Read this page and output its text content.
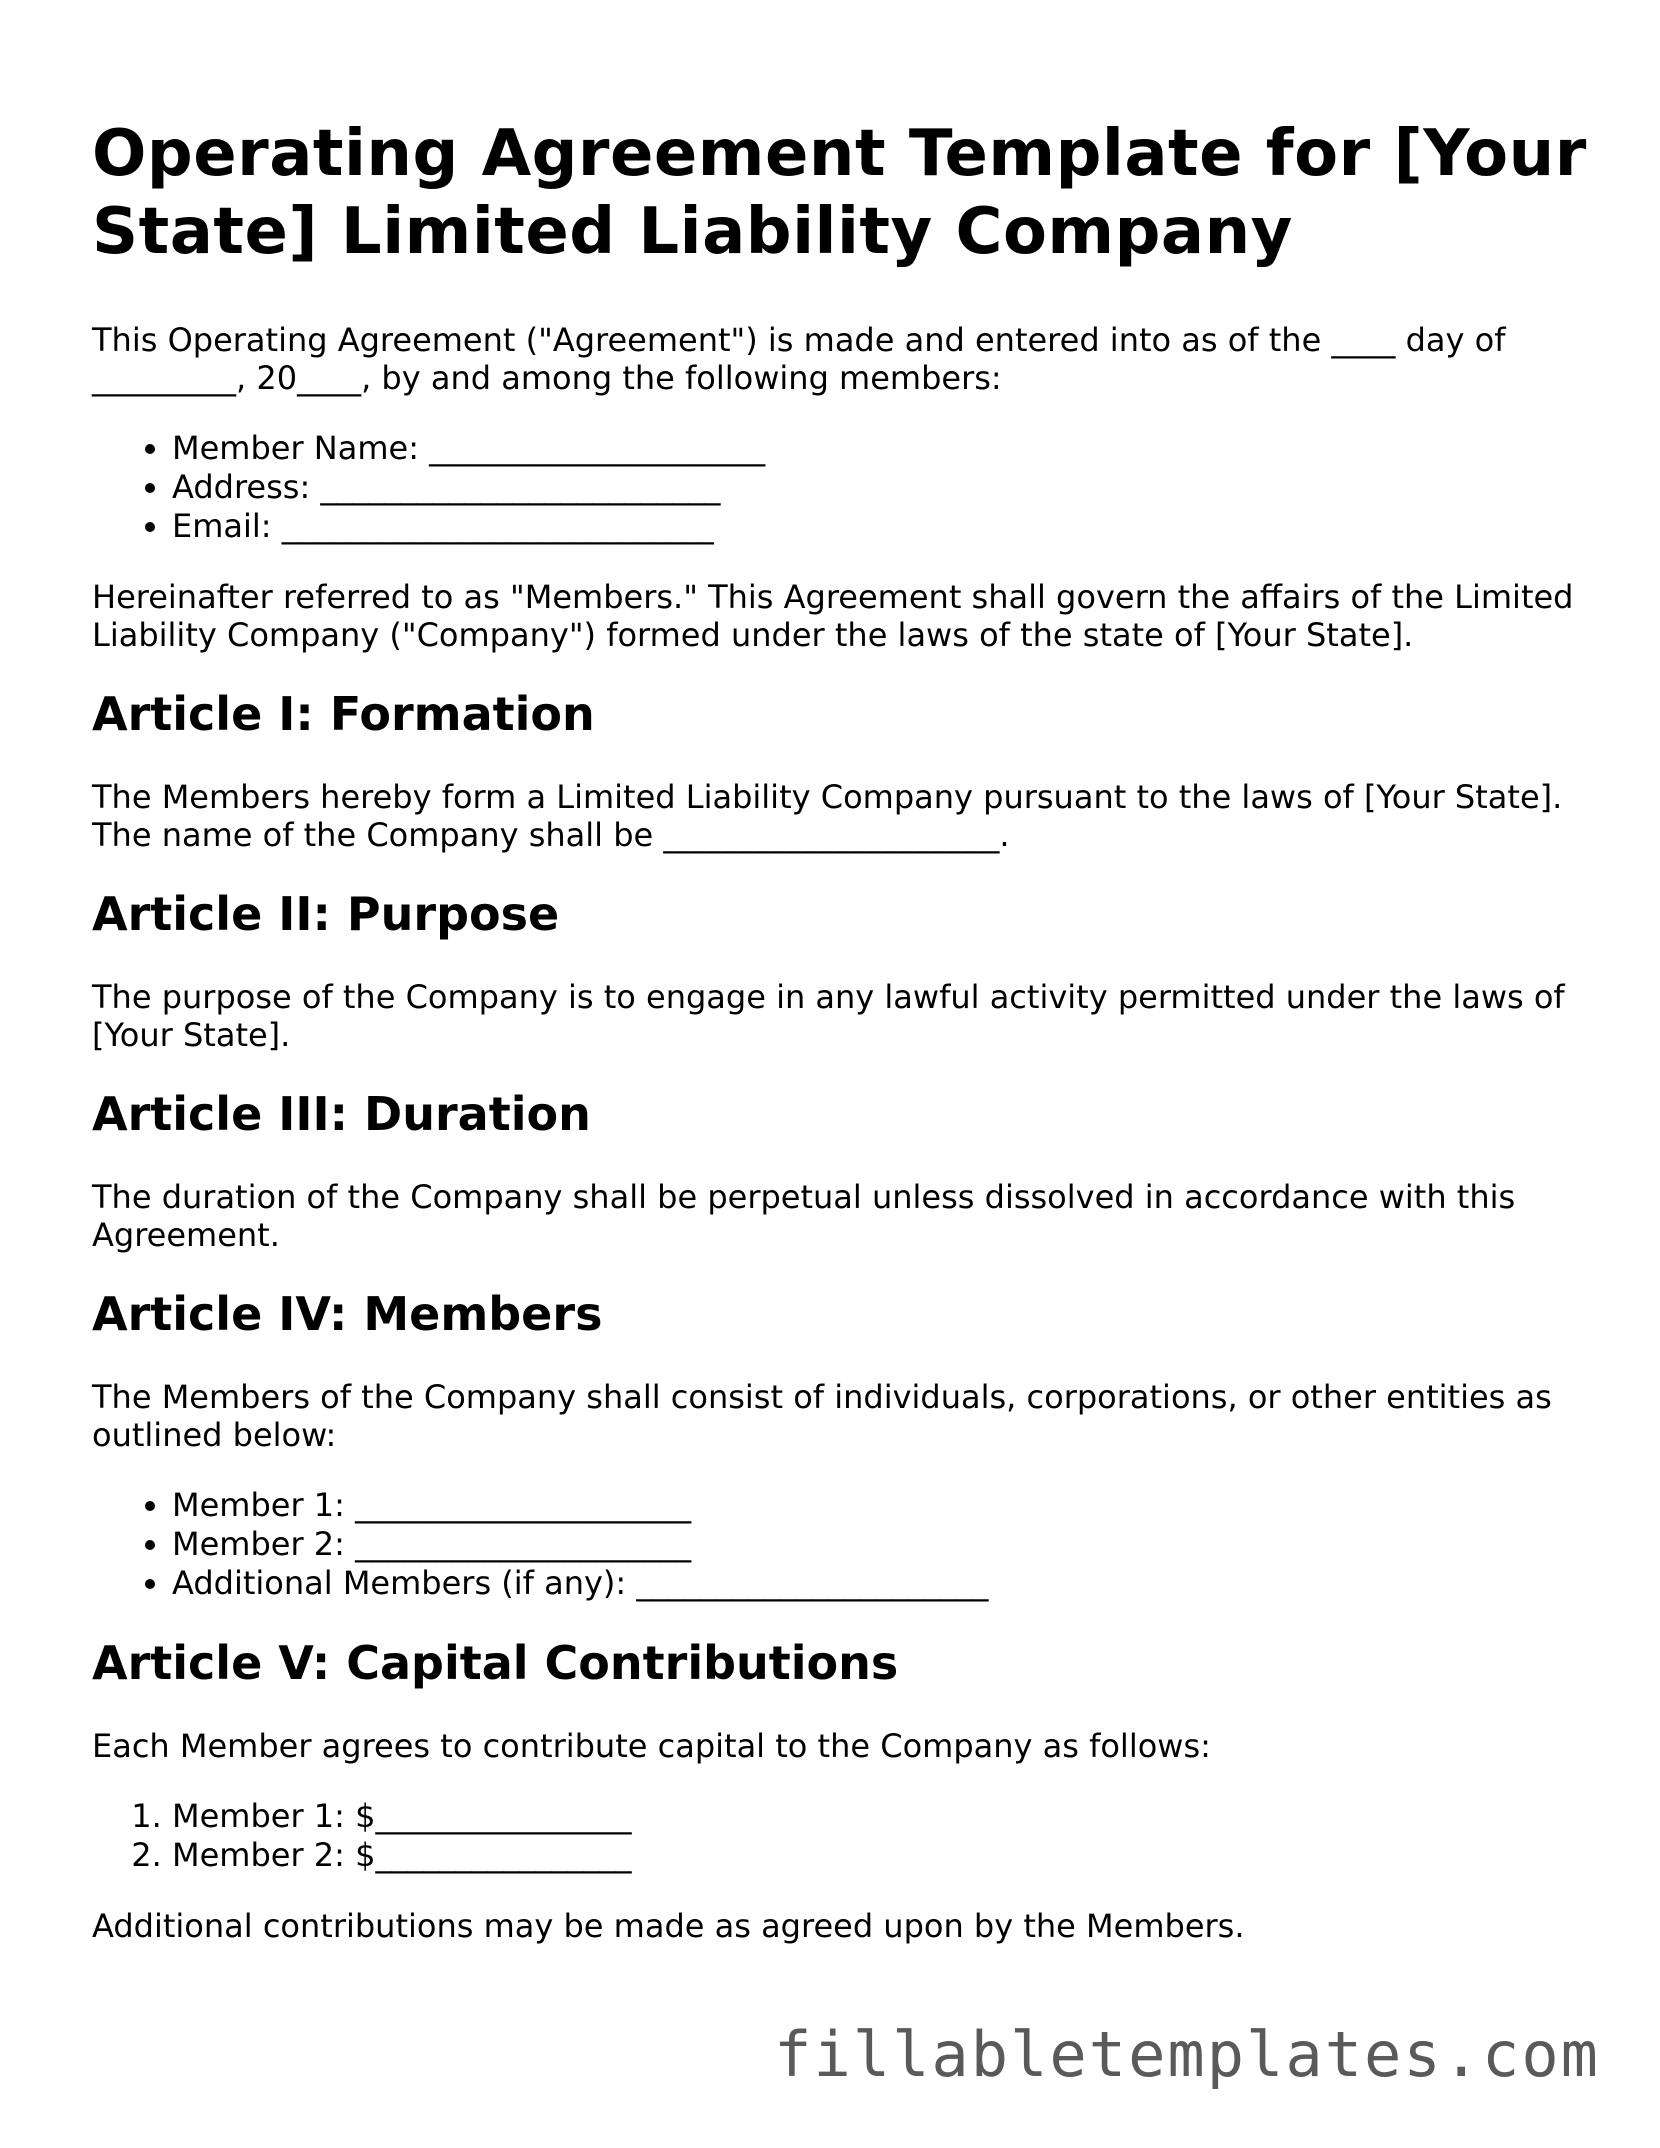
Operating Agreement Template for [Your State] Limited Liability Company

This Operating Agreement ("Agreement") is made and entered into as of the ____ day of _________, 20____, by and among the following members:

• Member Name: _____________________
• Address: _________________________
• Email: ___________________________

Hereinafter referred to as "Members." This Agreement shall govern the affairs of the Limited Liability Company ("Company") formed under the laws of the state of [Your State].

Article I: Formation

The Members hereby form a Limited Liability Company pursuant to the laws of [Your State]. The name of the Company shall be _____________________.

Article II: Purpose

The purpose of the Company is to engage in any lawful activity permitted under the laws of [Your State].

Article III: Duration

The duration of the Company shall be perpetual unless dissolved in accordance with this Agreement.

Article IV: Members

The Members of the Company shall consist of individuals, corporations, or other entities as outlined below:

• Member 1: _____________________
• Member 2: _____________________
• Additional Members (if any): ______________________
Article V: Capital Contributions

Each Member agrees to contribute capital to the Company as follows:

1. Member 1: $________________
2. Member 2: $________________

Additional contributions may be made as agreed upon by the Members.

fillabletemplates.com
